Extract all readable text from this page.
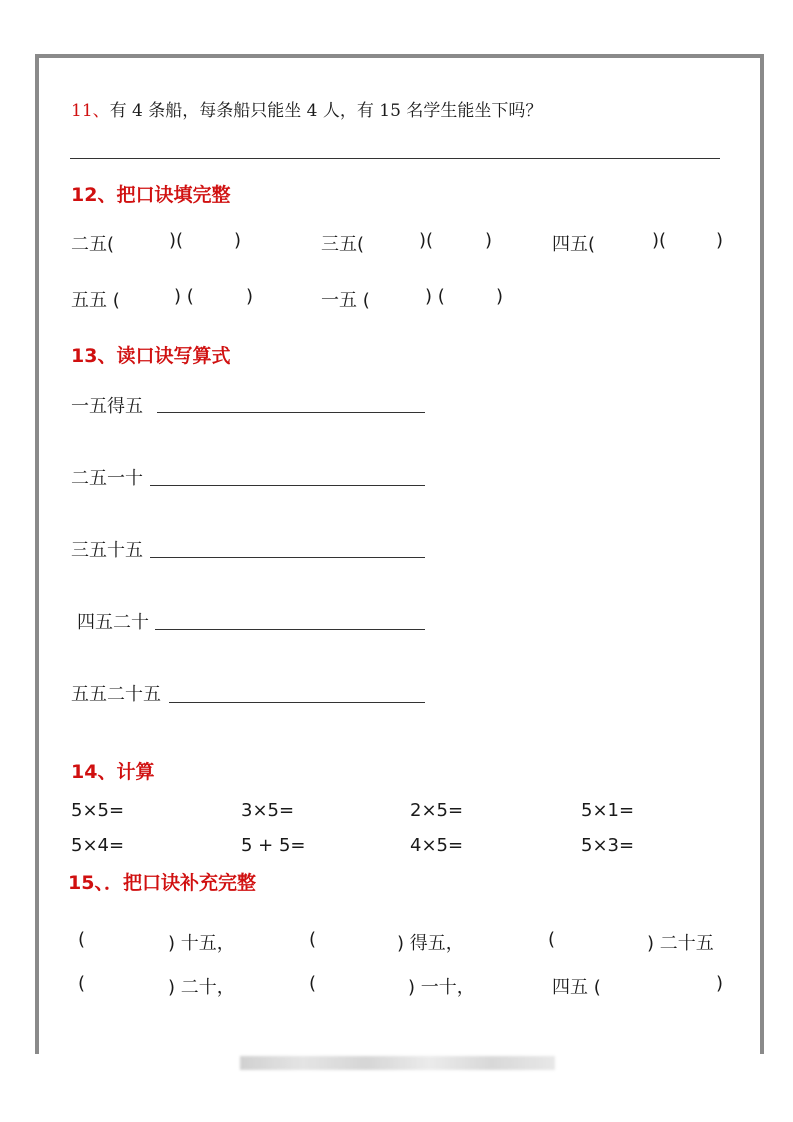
11、有 4 条船，每条船只能坐 4 人，有 15 名学生能坐下吗？
12、把口诀填完整
二五(	)(	)	三五(	)(	)	四五(	)(	)
五五 (	) (	)	一五 (	) (	)
13、读口诀写算式
一五得五
二五一十
三五十五
四五二十
五五二十五
14、计算
5×5=	3×5=	2×5=	5×1=
5×4=	5 + 5=	4×5=	5×3=
15、．把口诀补充完整
(	) 十五，	(	) 得五，	(	) 二十五
(	) 二十，	(	) 一十，	四五 (	)
